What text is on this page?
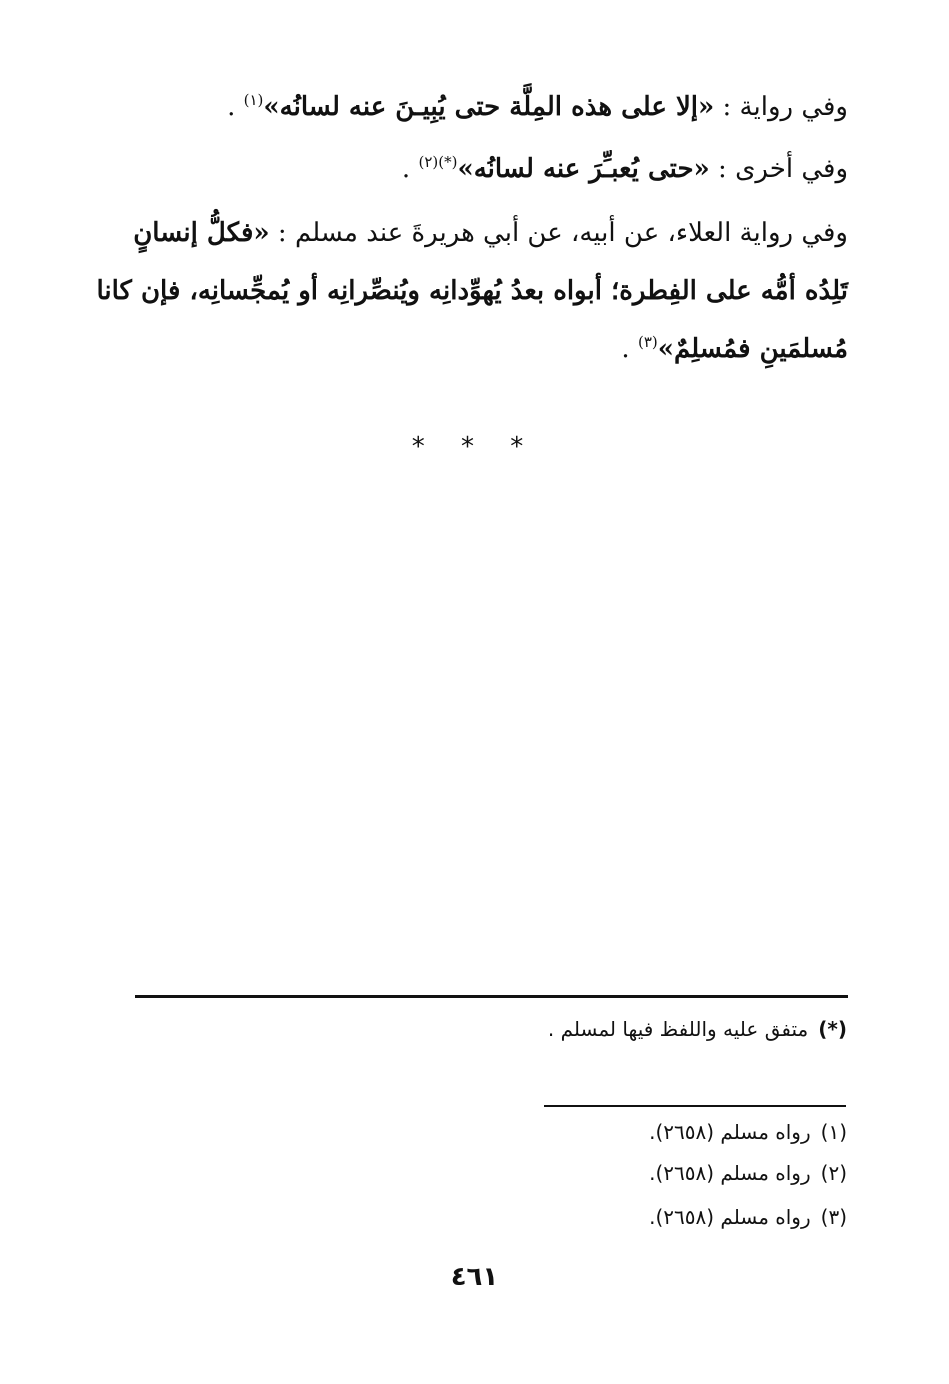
وفي رواية : «إلا على هذه المِلَّة حتى يُبِيـنَ عنه لسانُه»$^{(١)}$ .
وفي أخرى : «حتى يُعبـِّرَ عنه لسانُه»$^{(*)(٢)}$ .
وفي رواية العلاء، عن أبيه، عن أبي هريرةَ عند مسلم : «فكلُّ إنسانٍ
تَلِدُه أمُّه على الفِطرة؛ أبواه بعدُ يُهوِّدانِه ويُنصِّرانِه أو يُمجِّسانِه، فإن كانا
مُسلمَينِ فمُسلِمٌ»$^{(٣)}$ .
* * *
(*)متفق عليه واللفظ فيها لمسلم .
(١)رواه مسلم (٢٦٥٨).
(٢)رواه مسلم (٢٦٥٨).
(٣)رواه مسلم (٢٦٥٨).
٤٦١
